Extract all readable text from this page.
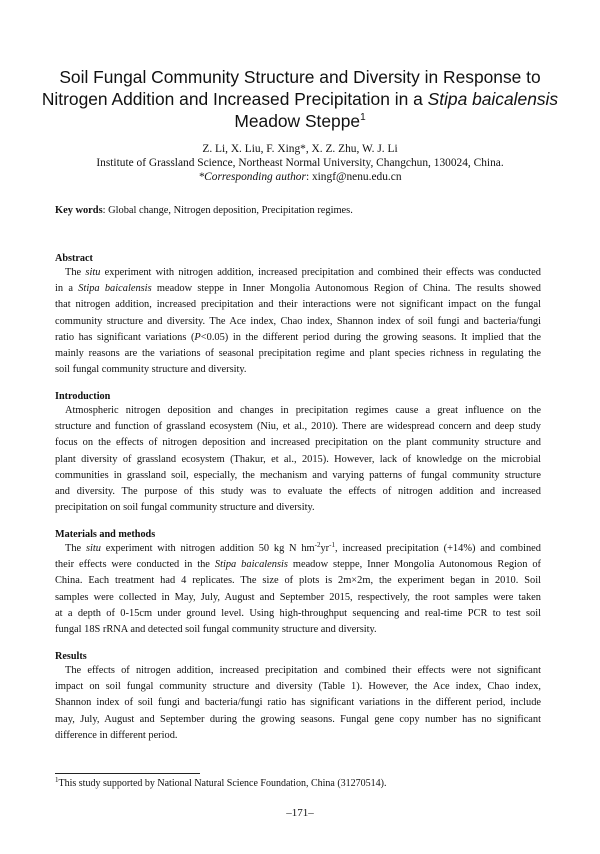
Soil Fungal Community Structure and Diversity in Response to
Nitrogen Addition and Increased Precipitation in a Stipa baicalensis
Meadow Steppe$^1$
Z. Li, X. Liu, F. Xing*, X. Z. Zhu, W. J. Li
Institute of Grassland Science, Northeast Normal University, Changchun, 130024, China.
*Corresponding author: xingf@nenu.edu.cn
Key words: Global change, Nitrogen deposition, Precipitation regimes.

Abstract

The situ experiment with nitrogen addition, increased precipitation and combined their effects was conducted
in a Stipa baicalensis meadow steppe in Inner Mongolia Autonomous Region of China. The results showed
that nitrogen addition, increased precipitation and their interactions were not significant impact on the fungal
community structure and diversity. The Ace index, Chao index, Shannon index of soil fungi and bacteria/fungi
ratio has significant variations (P<0.05) in the different period during the growing seasons. It implied that the
mainly reasons are the variations of seasonal precipitation regime and plant species richness in regulating the
soil fungal community structure and diversity.

Introduction

Atmospheric nitrogen deposition and changes in precipitation regimes cause a great influence on the
structure and function of grassland ecosystem (Niu, et al., 2010). There are widespread concern and deep study
focus on the effects of nitrogen deposition and increased precipitation on the plant community structure and
plant diversity of grassland ecosystem (Thakur, et al., 2015). However, lack of knowledge on the microbial
communities in grassland soil, especially, the mechanism and varying patterns of fungal community structure
and diversity. The purpose of this study was to evaluate the effects of nitrogen addition and increased
precipitation on soil fungal community structure and diversity.

Materials and methods

The situ experiment with nitrogen addition 50 kg N $hm^{-2}yr^{-1}$, increased precipitation (+14%) and combined
their effects were conducted in the Stipa baicalensis meadow steppe, Inner Mongolia Autonomous Region of
China. Each treatment had 4 replicates. The size of plots is 2m×2m, the experiment began in 2010. Soil
samples were collected in May, July, August and September 2015, respectively, the root samples were taken
at a depth of 0-15cm under ground level. Using high-throughput sequencing and real-time PCR to test soil
fungal 18S rRNA and detected soil fungal community structure and diversity.

Results

The effects of nitrogen addition, increased precipitation and combined their effects were not significant
impact on soil fungal community structure and diversity (Table 1). However, the Ace index, Chao index,
Shannon index of soil fungi and bacteria/fungi ratio has significant variations in the different period, include
may, July, August and September during the growing seasons. Fungal gene copy number has no significant
difference in different period.

$^1$This study supported by National Natural Science Foundation, China (31270514).
–171–
